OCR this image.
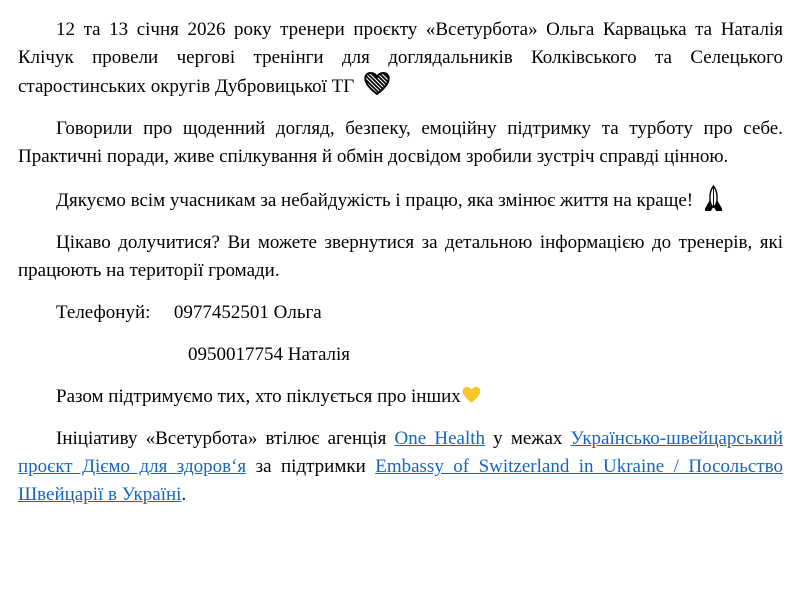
12 та 13 січня 2026 року тренери проєкту «Всетурбота» Ольга Карвацька та Наталія Клічук провели чергові тренінги для доглядальників Колківського та Селецького старостинських округів Дубровицької ТГ

Говорили про щоденний догляд, безпеку, емоційну підтримку та турботу про себе. Практичні поради, живе спілкування й обмін досвідом зробили зустріч справді цінною.

Дякуємо всім учасникам за небайдужість і працю, яка змінює життя на краще!

Цікаво долучитися? Ви можете звернутися за детальною інформацією до тренерів, які працюють на території громади.

Телефонуй: 0977452501 Ольга

0950017754 Наталія

Разом підтримуємо тих, хто піклується про інших

Ініціативу «Всетурбота» втілює агенція One Health у межах Українсько-швейцарський проєкт Діємо для здоров‘я за підтримки Embassy of Switzerland in Ukraine / Посольство Швейцарії в Україні.
